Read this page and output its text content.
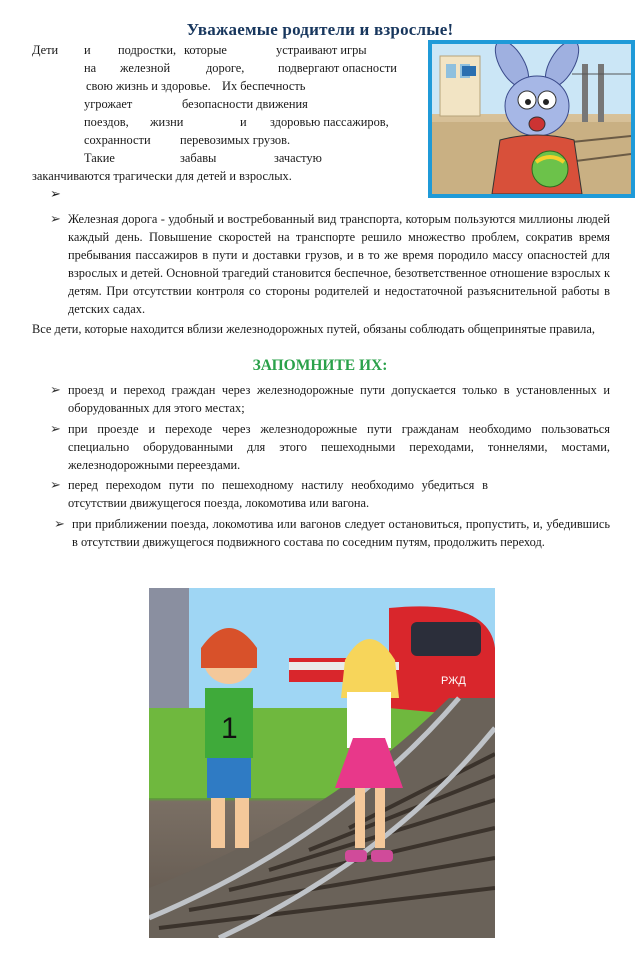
Уважаемые родители и взрослые!
Дети	и	подростки, которые	устраивают игры
на	железной	дороге,	подвергают опасности
свою жизнь и здоровье. Их беспечность
угрожает	безопасности движения
поездов,	жизни	и	здоровью пассажиров,
сохранности	перевозимых грузов.
Такие	забавы	зачастую
заканчиваются трагически для детей и взрослых.
➢
➢ Железная дорога - удобный и востребованный вид транспорта, которым пользуются миллионы людей каждый день. Повышение скоростей на транспорте решило множество проблем, сократив время пребывания пассажиров в пути и доставки грузов, и в то же время породило массу опасностей для взрослых и детей. Основной трагедий становится беспечное, безответственное отношение взрослых к детям. При отсутствии контроля со стороны родителей и недостаточной разъяснительной работы в детских садах.
Все дети, которые находится вблизи железнодорожных путей, обязаны соблюдать общепринятые правила,
ЗАПОМНИТЕ ИХ:
➢ проезд и переход граждан через железнодорожные пути допускается только в установленных и оборудованных для этого местах;
➢ при проезде и переходе через железнодорожные пути гражданам необходимо пользоваться специально оборудованными для этого пешеходными переходами, тоннелями, мостами, железнодорожными переездами.
➢ перед переходом пути по пешеходному настилу необходимо убедиться в отсутствии движущегося поезда, локомотива или вагона.
➢ при приближении поезда, локомотива или вагонов следует остановиться, пропустить, и, убедившись в отсутствии движущегося подвижного состава по соседним путям, продолжить переход.
РЖД
1
